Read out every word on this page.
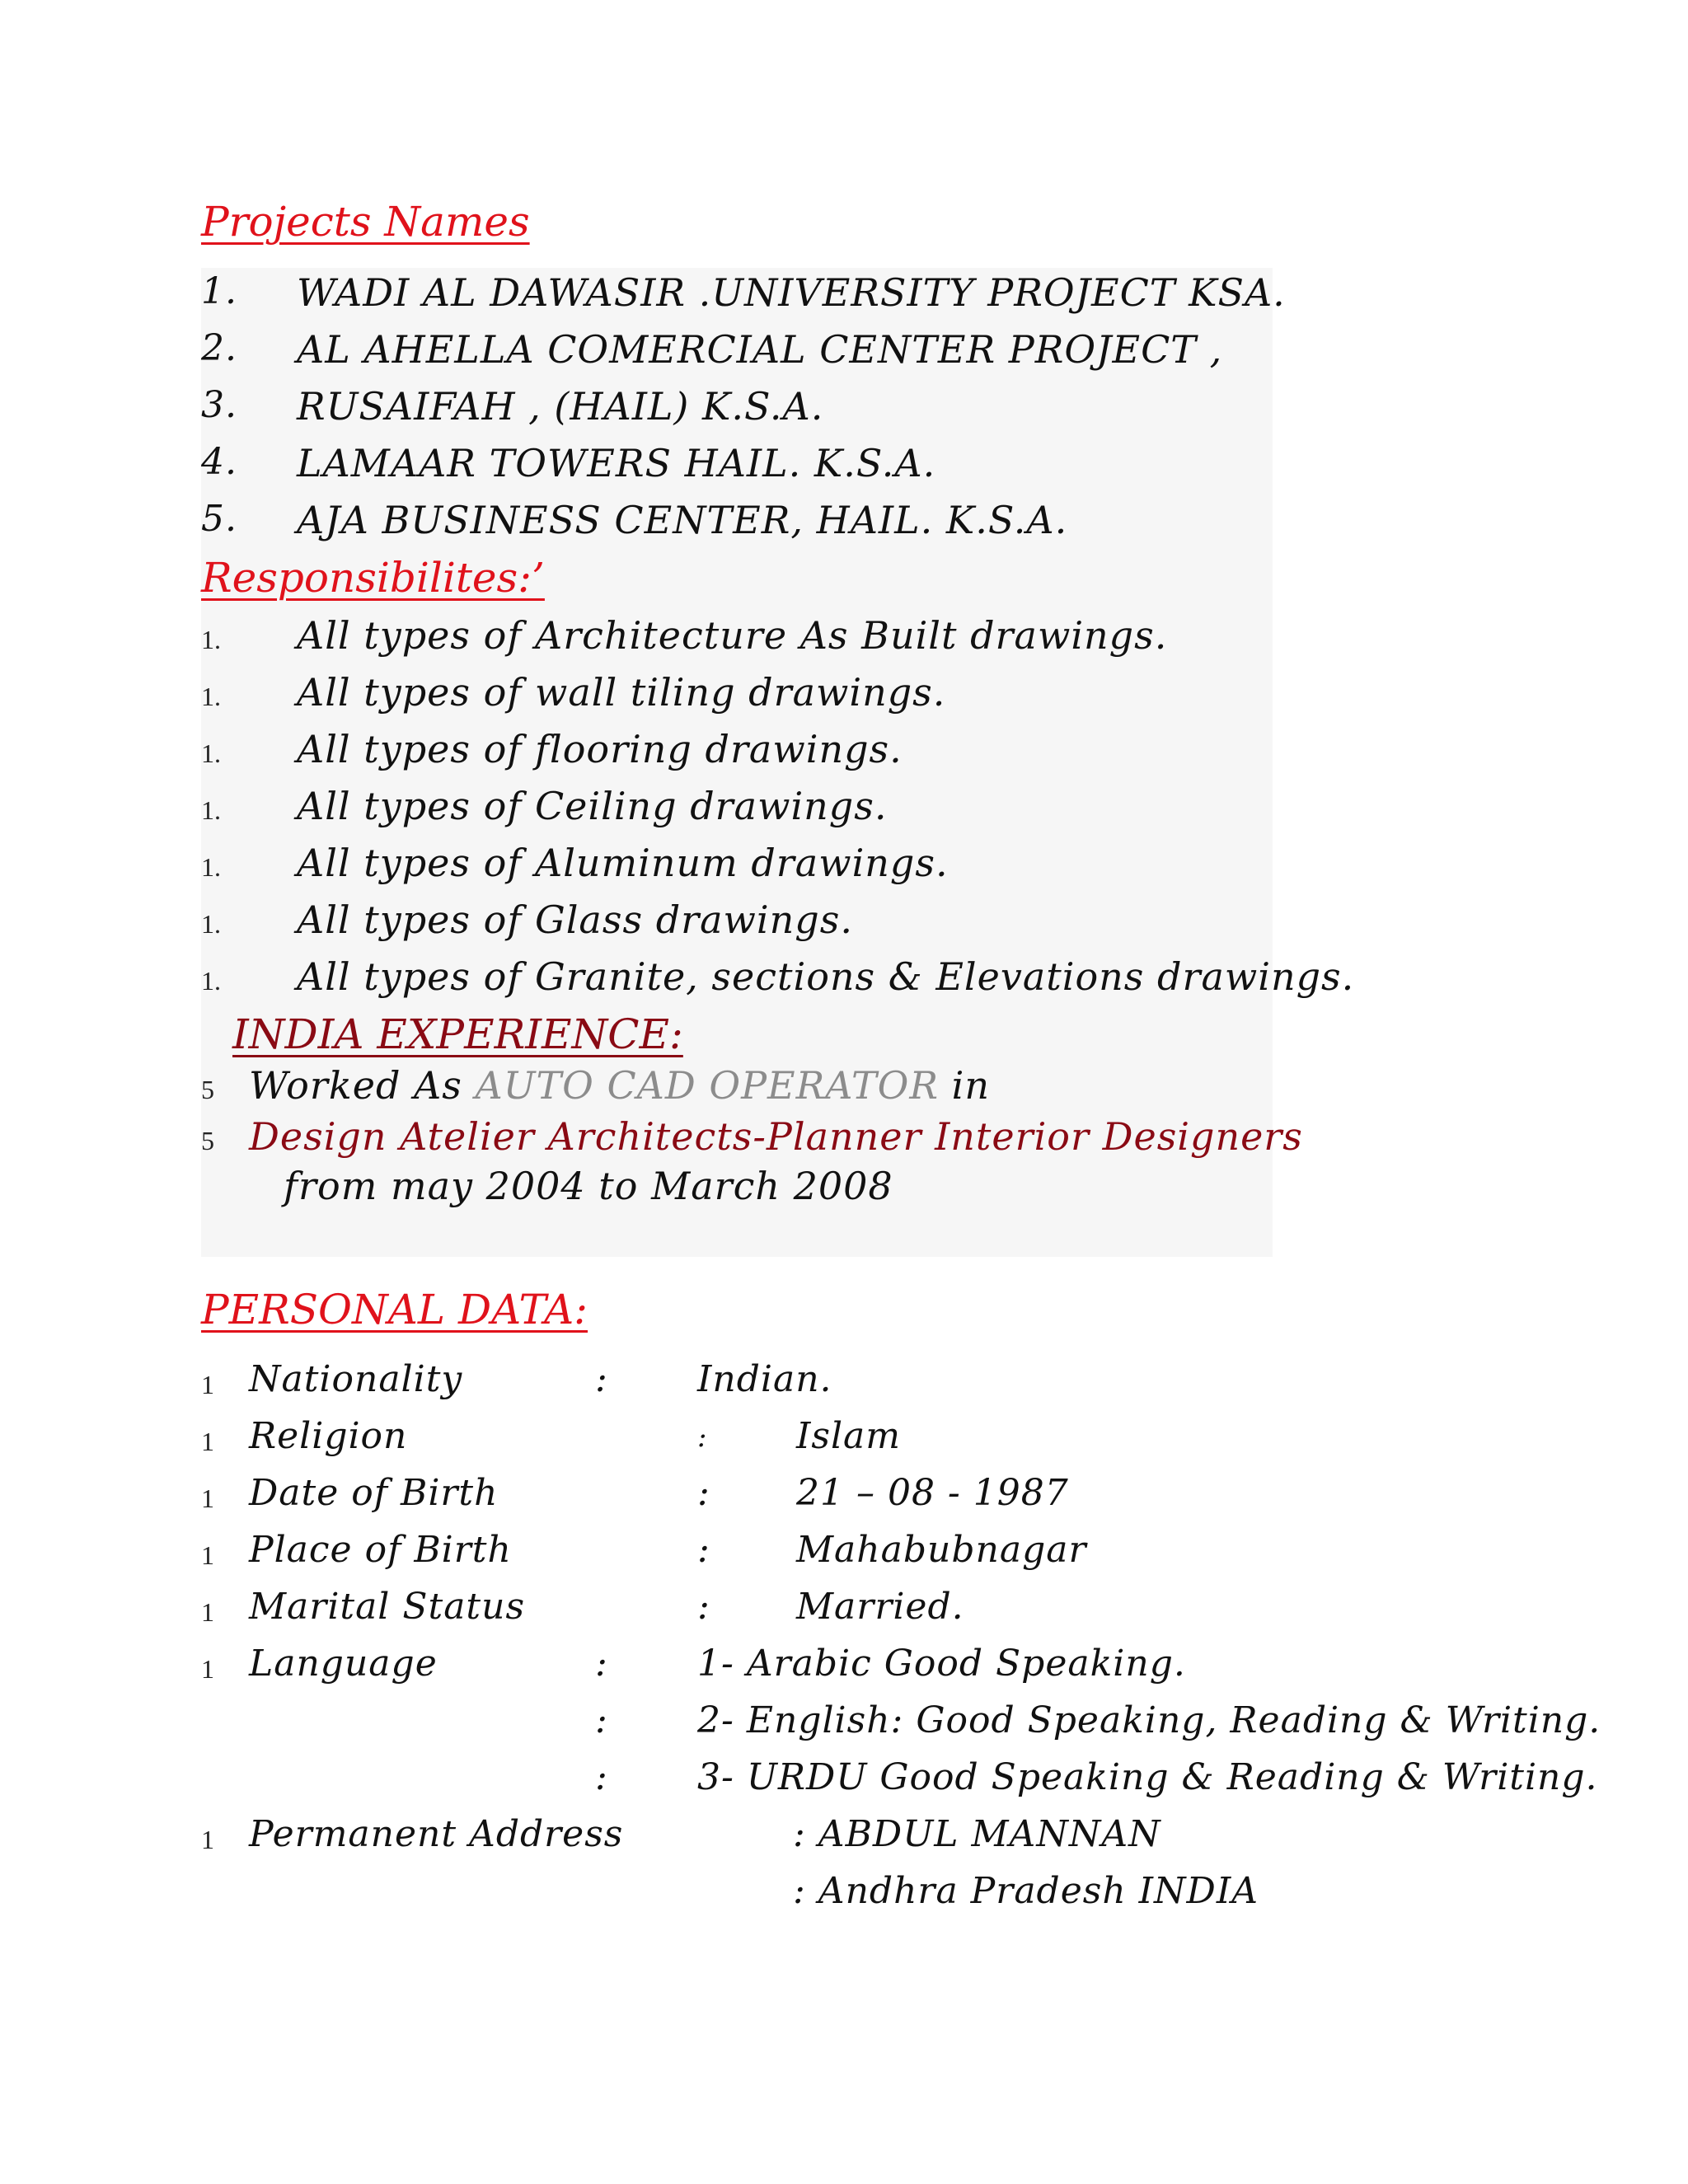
Projects Names
1. WADI AL DAWASIR .UNIVERSITY PROJECT KSA.
2. AL AHELLA COMERCIAL CENTER PROJECT ,
3. RUSAIFAH , (HAIL) K.S.A.
4. LAMAAR TOWERS HAIL. K.S.A.
5. AJA BUSINESS CENTER, HAIL. K.S.A.
Responsibilites:’
1. All types of Architecture As Built drawings.
1. All types of wall tiling drawings.
1. All types of flooring drawings.
1. All types of Ceiling drawings.
1. All types of Aluminum drawings.
1. All types of Glass drawings.
1. All types of Granite, sections & Elevations drawings.
INDIA EXPERIENCE:
5 Worked As AUTO CAD OPERATOR in
5 Design Atelier Architects-Planner Interior Designers
from may 2004 to March 2008
PERSONAL DATA:
1 Nationality	: Indian.
1 Religion	: Islam
1 Date of Birth	: 21 – 08 - 1987
1 Place of Birth	: Mahabubnagar
1 Marital Status	: Married.
1 Language	: 1- Arabic Good Speaking.
: 2- English: Good Speaking, Reading & Writing.
: 3- URDU Good Speaking & Reading & Writing.
1 Permanent Address	: ABDUL MANNAN
: Andhra Pradesh INDIA
